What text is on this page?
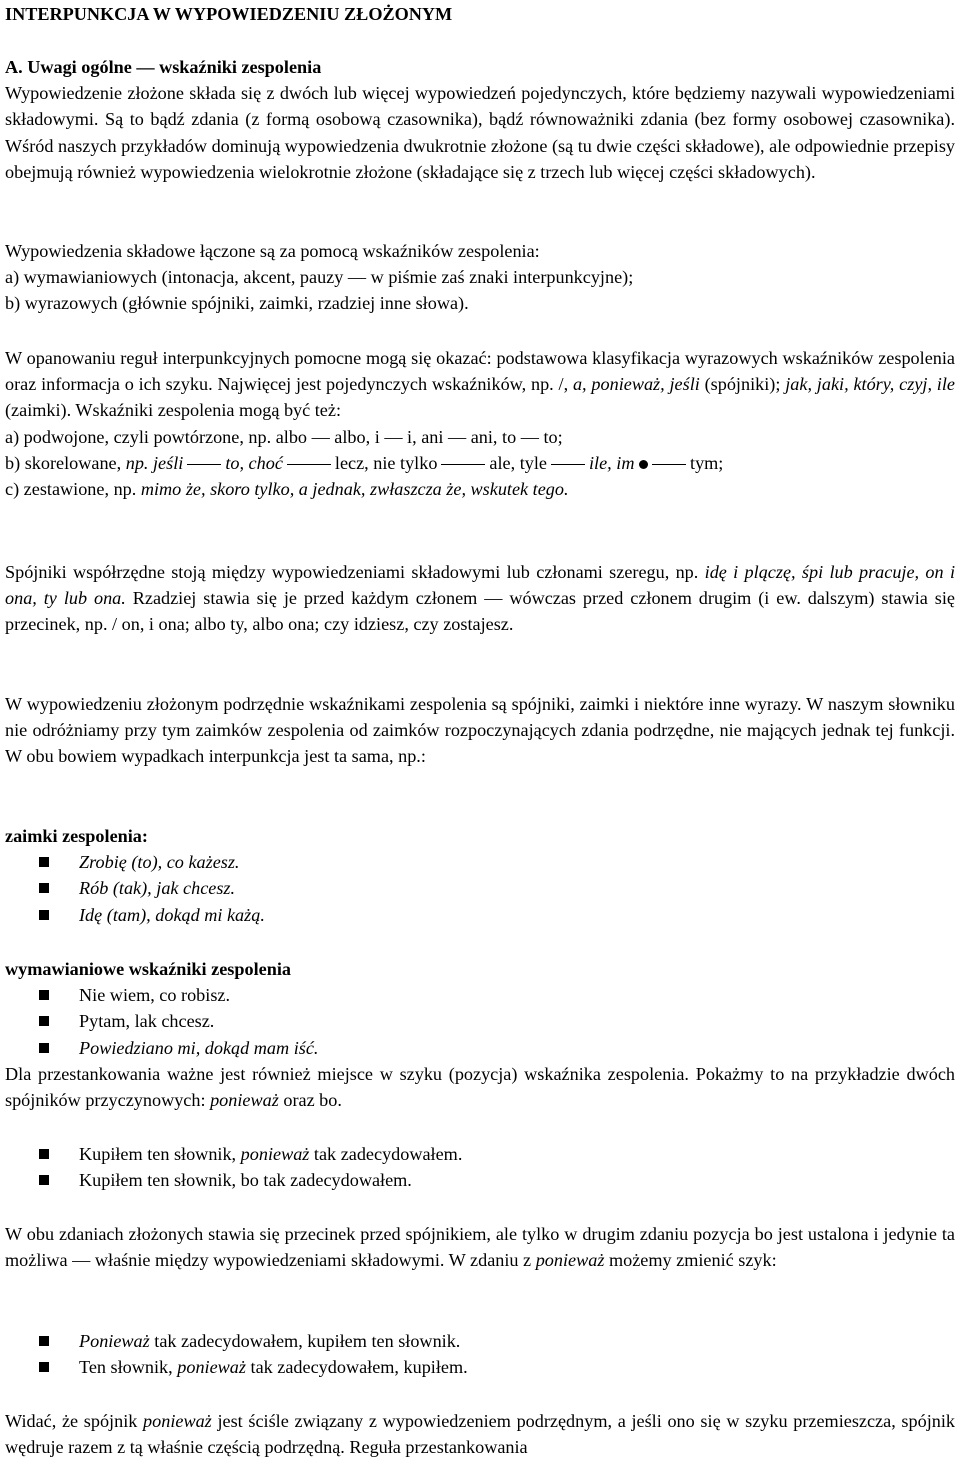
INTERPUNKCJA W WYPOWIEDZENIU ZŁOŻONYM
A. Uwagi ogólne — wskaźniki zespolenia
Wypowiedzenie złożone składa się z dwóch lub więcej wypowiedzeń pojedynczych, które będziemy nazywali wypowiedzeniami składowymi. Są to bądź zdania (z formą osobową czasownika), bądź równoważniki zdania (bez formy osobowej czasownika). Wśród naszych przykładów dominują wypowiedzenia dwukrotnie złożone (są tu dwie części składowe), ale odpowiednie przepisy obejmują również wypowiedzenia wielokrotnie złożone (składające się z trzech lub więcej części składowych).
Wypowiedzenia składowe łączone są za pomocą wskaźników zespolenia:
a) wymawianiowych (intonacja, akcent, pauzy — w piśmie zaś znaki interpunkcyjne);
b) wyrazowych (głównie spójniki, zaimki, rzadziej inne słowa).
W opanowaniu reguł interpunkcyjnych pomocne mogą się okazać: podstawowa klasyfikacja wyrazowych wskaźników zespolenia oraz informacja o ich szyku. Najwięcej jest pojedynczych wskaźników, np. /, a, ponieważ, jeśli (spójniki); jak, jaki, który, czyj, ile (zaimki). Wskaźniki zespolenia mogą być też:
a) podwojone, czyli powtórzone, np. albo — albo, i — i, ani — ani, to — to;
b) skorelowane, np. jeśli to, choć	lecz, nie tylko	ale, tyle ile, im	tym;
c) zestawione, np. mimo że, skoro tylko, a jednak, zwłaszcza że, wskutek tego.
Spójniki współrzędne stoją między wypowiedzeniami składowymi lub członami szeregu, np. idę i plączę, śpi lub pracuje, on i ona, ty lub ona. Rzadziej stawia się je przed każdym członem — wówczas przed członem drugim (i ew. dalszym) stawia się przecinek, np. / on, i ona; albo ty, albo ona; czy idziesz, czy zostajesz.
W wypowiedzeniu złożonym podrzędnie wskaźnikami zespolenia są spójniki, zaimki i niektóre inne wyrazy. W naszym słowniku nie odróżniamy przy tym zaimków zespolenia od zaimków rozpoczynających zdania podrzędne, nie mających jednak tej funkcji. W obu bowiem wypadkach interpunkcja jest ta sama, np.:
zaimki zespolenia:
Zrobię (to), co każesz.
Rób (tak), jak chcesz.
Idę (tam), dokąd mi każą.
wymawianiowe wskaźniki zespolenia
Nie wiem, co robisz.
Pytam, lak chcesz.
Powiedziano mi, dokąd mam iść.
Dla przestankowania ważne jest również miejsce w szyku (pozycja) wskaźnika zespolenia. Pokażmy to na przykładzie dwóch spójników przyczynowych: ponieważ oraz bo.
Kupiłem ten słownik, ponieważ tak zadecydowałem.
Kupiłem ten słownik, bo tak zadecydowałem.
W obu zdaniach złożonych stawia się przecinek przed spójnikiem, ale tylko w drugim zdaniu pozycja bo jest ustalona i jedynie ta możliwa — właśnie między wypowiedzeniami składowymi. W zdaniu z ponieważ możemy zmienić szyk:
Ponieważ tak zadecydowałem, kupiłem ten słownik.
Ten słownik, ponieważ tak zadecydowałem, kupiłem.
Widać, że spójnik ponieważ jest ściśle związany z wypowiedzeniem podrzędnym, a jeśli ono się w szyku przemieszcza, spójnik wędruje razem z tą właśnie częścią podrzędną. Reguła przestankowania
